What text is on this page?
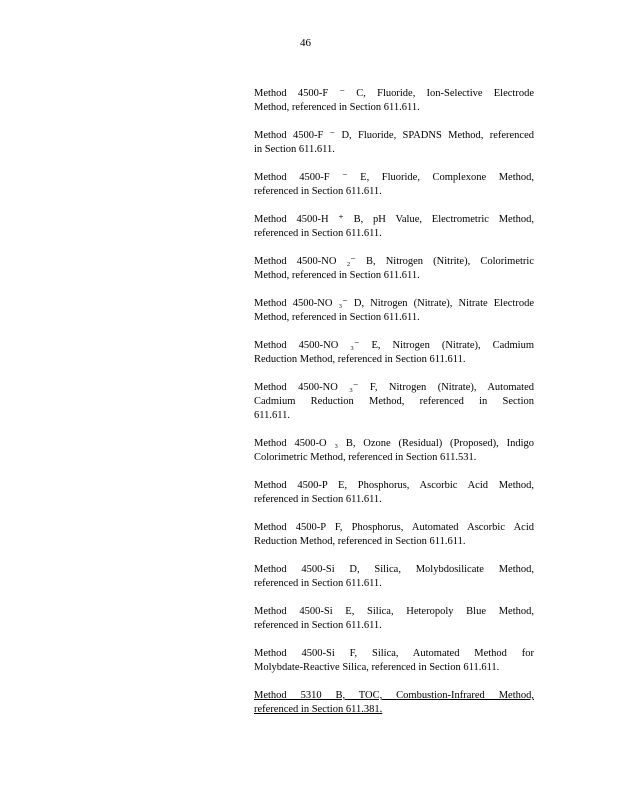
46
Method 4500-F ⁻ C, Fluoride, Ion-Selective Electrode
Method, referenced in Section 611.611.
Method 4500-F ⁻ D, Fluoride, SPADNS Method, referenced
in Section 611.611.
Method 4500-F ⁻ E, Fluoride, Complexone Method,
referenced in Section 611.611.
Method 4500-H ⁺ B, pH Value, Electrometric Method,
referenced in Section 611.611.
Method 4500-NO ₂⁻ B, Nitrogen (Nitrite), Colorimetric
Method, referenced in Section 611.611.
Method 4500-NO ₃⁻ D, Nitrogen (Nitrate), Nitrate Electrode
Method, referenced in Section 611.611.
Method 4500-NO ₃⁻ E, Nitrogen (Nitrate), Cadmium
Reduction Method, referenced in Section 611.611.
Method 4500-NO ₃⁻ F, Nitrogen (Nitrate), Automated
Cadmium Reduction Method, referenced in Section
611.611.
Method 4500-O ₃ B, Ozone (Residual) (Proposed), Indigo
Colorimetric Method, referenced in Section 611.531.
Method 4500-P E, Phosphorus, Ascorbic Acid Method,
referenced in Section 611.611.
Method 4500-P F, Phosphorus, Automated Ascorbic Acid
Reduction Method, referenced in Section 611.611.
Method 4500-Si D, Silica, Molybdosilicate Method,
referenced in Section 611.611.
Method 4500-Si E, Silica, Heteropoly Blue Method,
referenced in Section 611.611.
Method 4500-Si F, Silica, Automated Method for
Molybdate-Reactive Silica, referenced in Section 611.611.
Method 5310 B, TOC, Combustion-Infrared Method,
referenced in Section 611.381.
